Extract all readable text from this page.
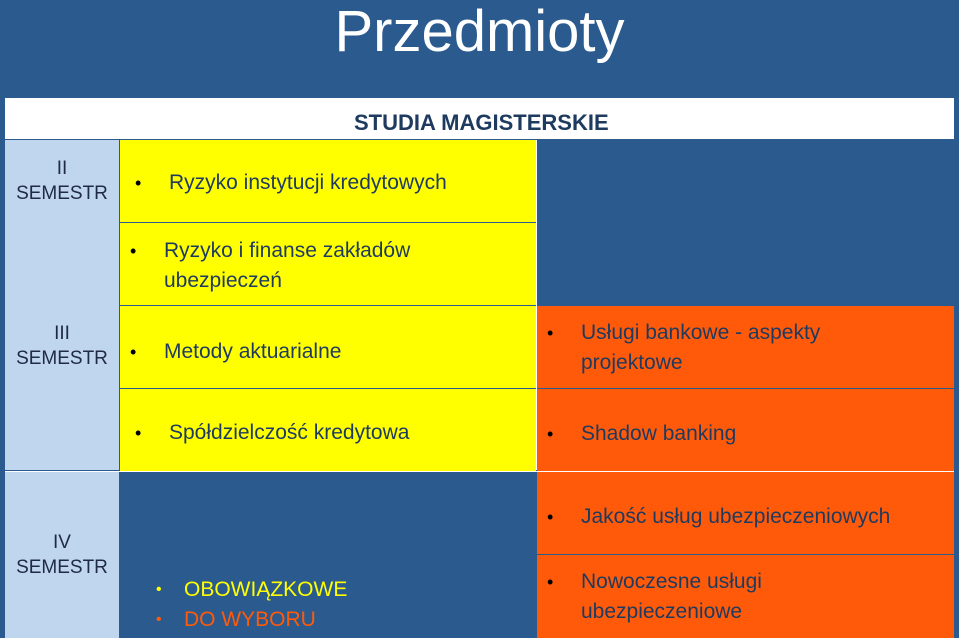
Przedmioty
STUDIA MAGISTERSKIE
II
SEMESTR
III
SEMESTR
IV
SEMESTR
• Ryzyko instytucji kredytowych
• Ryzyko i finanse zakładów
ubezpieczeń
• Metody aktuarialne
• Spółdzielczość kredytowa
• Usługi bankowe - aspekty
projektowe
• Shadow banking
• Jakość usług ubezpieczeniowych
• Nowoczesne usługi
ubezpieczeniowe
• OBOWIĄZKOWE
• DO WYBORU
